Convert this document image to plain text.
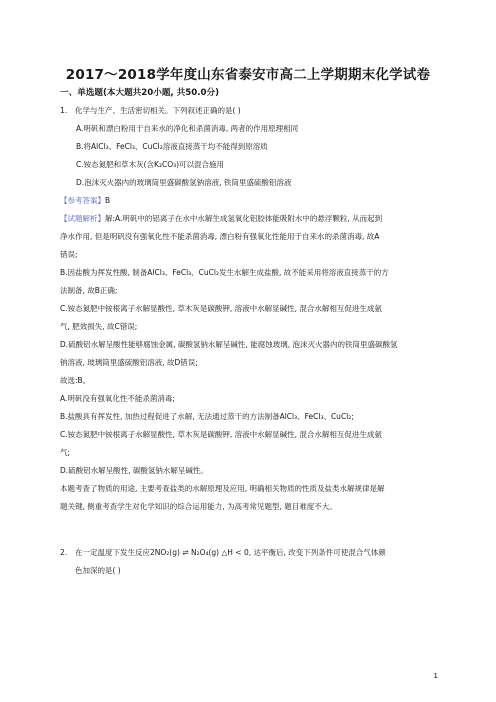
2017～2018学年度山东省泰安市高二上学期期末化学试卷
一、单选题(本大题共20小题, 共50.0分)
1. 化学与生产、生活密切相关。下列叙述正确的是( )
A.明矾和漂白粉用于自来水的净化和杀菌消毒, 两者的作用原理相同
B.将AlCl₃、FeCl₃、CuCl₂溶液直接蒸干均不能得到原溶质
C.铵态氮肥和草木灰(含K₂CO₃)可以混合施用
D.泡沫灭火器内的玻璃筒里盛碳酸氢钠溶液, 铁筒里盛硫酸铝溶液
【参考答案】B
【试题解析】解:A.明矾中的铝离子在水中水解生成氢氧化铝胶体能吸附水中的悬浮颗粒, 从而起到
净水作用, 但是明矾没有强氧化性不能杀菌消毒, 漂白粉有强氧化性能用于自来水的杀菌消毒, 故A
错误;
B.因盐酸为挥发性酸, 制备AlCl₃、FeCl₃、CuCl₂发生水解生成盐酸, 故不能采用将溶液直接蒸干的方
法制备, 故B正确;
C.铵态氮肥中铵根离子水解显酸性, 草木灰是碳酸钾, 溶液中水解显碱性, 混合水解相互促进生成氨
气, 肥效损失, 故C错误;
D.硫酸铝水解呈酸性能够腐蚀金属, 碳酸氢钠水解呈碱性, 能腐蚀玻璃, 泡沫灭火器内的铁筒里盛碳酸氢
钠溶液, 玻璃筒里盛硫酸铝溶液, 故D错误;
故选:B。
A.明矾没有强氧化性不能杀菌消毒;
B.盐酸具有挥发性, 加热过程促进了水解, 无法通过蒸干的方法制备AlCl₃、FeCl₃、CuCl₂;
C.铵态氮肥中铵根离子水解显酸性, 草木灰是碳酸钾, 溶液中水解显碱性, 混合水解相互促进生成氨
气;
D.硫酸铝水解呈酸性, 碳酸氢钠水解呈碱性。
本题考查了物质的用途, 主要考查盐类的水解原理及应用, 明确相关物质的性质及盐类水解规律是解
题关键, 侧重考查学生对化学知识的综合运用能力, 为高考常见题型, 题目难度不大。
2. 在一定温度下发生反应2NO₂(g) ⇌ N₂O₄(g) △H < 0, 达平衡后, 改变下列条件可使混合气体颜
色加深的是( )
1
